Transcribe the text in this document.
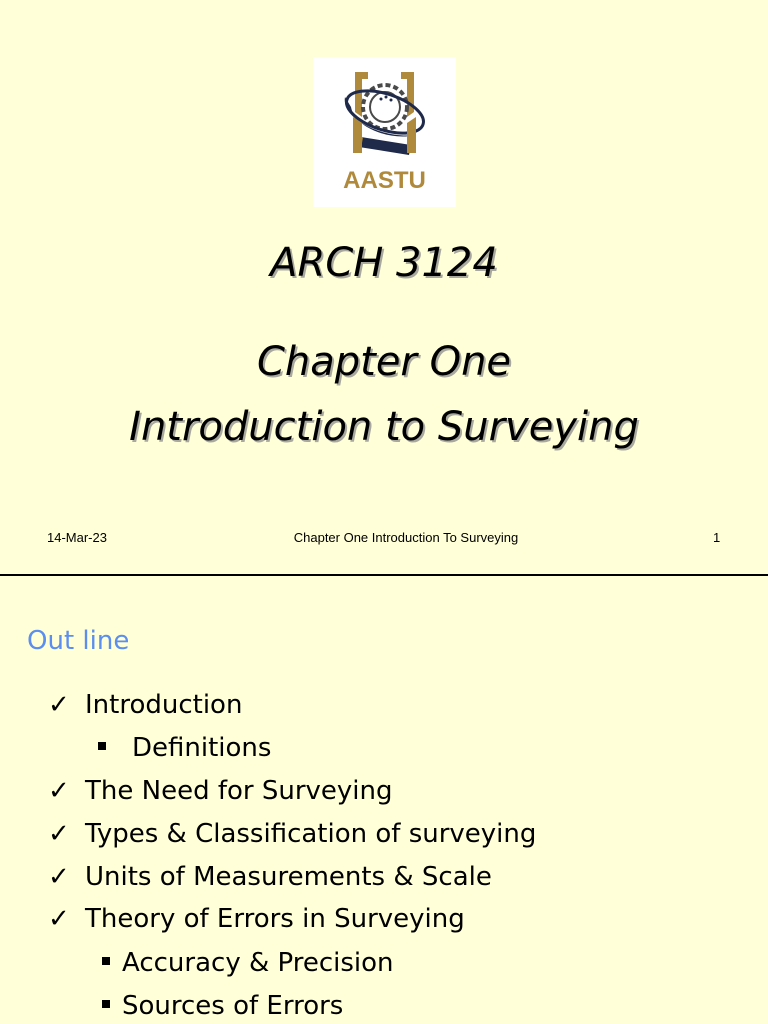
AASTU
ARCH 3124
Chapter One
Introduction to Surveying
14-Mar-23	Chapter One Introduction To Surveying	1
Out line
✓ Introduction
Definitions
✓ The Need for Surveying
✓ Types & Classification of surveying
✓ Units of Measurements & Scale
✓ Theory of Errors in Surveying
Accuracy & Precision
Sources of Errors
